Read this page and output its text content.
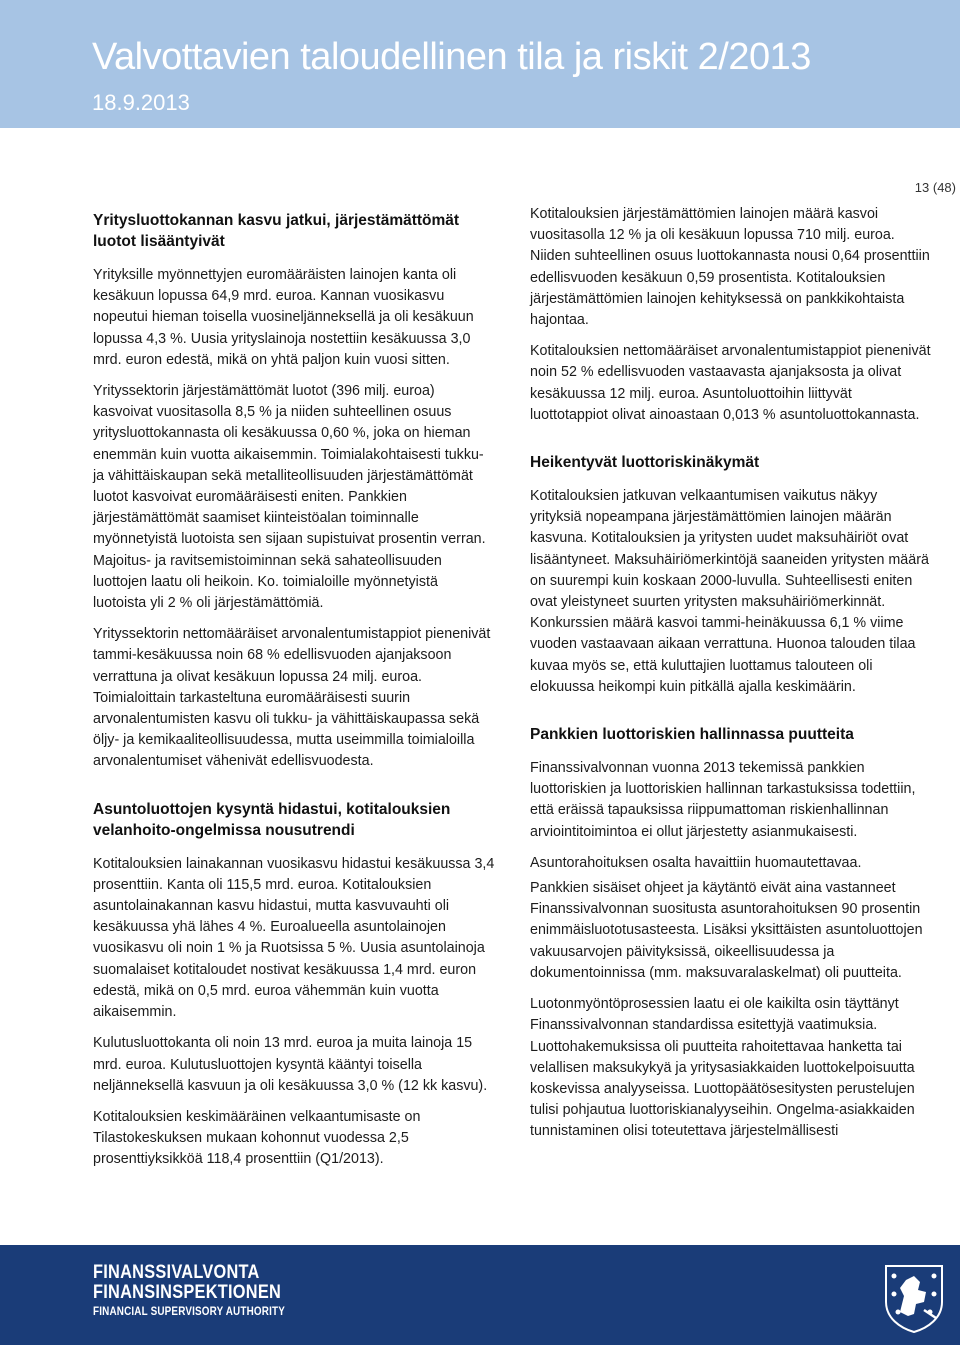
Valvottavien taloudellinen tila ja riskit 2/2013
18.9.2013
13 (48)
Yritysluottokannan kasvu jatkui, järjestämättömät luotot lisääntyivät

Yrityksille myönnettyjen euromääräisten lainojen kanta oli kesäkuun lopussa 64,9 mrd. euroa. Kannan vuosikasvu nopeutui hieman toisella vuosineljänneksellä ja oli kesäkuun lopussa 4,3 %. Uusia yrityslainoja nostettiin kesäkuussa 3,0 mrd. euron edestä, mikä on yhtä paljon kuin vuosi sitten.

Yrityssektorin järjestämättömät luotot (396 milj. euroa) kasvoivat vuositasolla 8,5 % ja niiden suhteellinen osuus yritysluottokannasta oli kesäkuussa 0,60 %, joka on hieman enemmän kuin vuotta aikaisemmin. Toimialakohtaisesti tukku- ja vähittäiskaupan sekä metalliteollisuuden järjestämättömät luotot kasvoivat euromääräisesti eniten. Pankkien järjestämättömät saamiset kiinteistöalan toiminnalle myönnetyistä luotoista sen sijaan supistuivat prosentin verran. Majoitus- ja ravitsemistoiminnan sekä sahateollisuuden luottojen laatu oli heikoin. Ko. toimialoille myönnetyistä luotoista yli 2 % oli järjestämättömiä.

Yrityssektorin nettomääräiset arvonalentumistappiot pienenivät tammi-kesäkuussa noin 68 % edellisvuoden ajanjaksoon verrattuna ja olivat kesäkuun lopussa 24 milj. euroa. Toimialoittain tarkasteltuna euromääräisesti suurin arvonalentumisten kasvu oli tukku- ja vähittäiskaupassa sekä öljy- ja kemikaaliteollisuudessa, mutta useimmilla toimialoilla arvonalentumiset vähenivät edellisvuodesta.

Asuntoluottojen kysyntä hidastui, kotitalouksien velanhoito-ongelmissa nousutrendi

Kotitalouksien lainakannan vuosikasvu hidastui kesäkuussa 3,4 prosenttiin. Kanta oli 115,5 mrd. euroa. Kotitalouksien asuntolainakannan kasvu hidastui, mutta kasvuvauhti oli kesäkuussa yhä lähes 4 %. Euroalueella asuntolainojen vuosikasvu oli noin 1 % ja Ruotsissa 5 %. Uusia asuntolainoja suomalaiset kotitaloudet nostivat kesäkuussa 1,4 mrd. euron edestä, mikä on 0,5 mrd. euroa vähemmän kuin vuotta aikaisemmin.

Kulutusluottokanta oli noin 13 mrd. euroa ja muita lainoja 15 mrd. euroa. Kulutusluottojen kysyntä kääntyi toisella neljänneksellä kasvuun ja oli kesäkuussa 3,0 % (12 kk kasvu).

Kotitalouksien keskimääräinen velkaantumisaste on Tilastokeskuksen mukaan kohonnut vuodessa 2,5 prosenttiyksikköä 118,4 prosenttiin (Q1/2013).

Kotitalouksien järjestämättömien lainojen määrä kasvoi vuositasolla 12 % ja oli kesäkuun lopussa 710 milj. euroa. Niiden suhteellinen osuus luottokannasta nousi 0,64 prosenttiin edellisvuoden kesäkuun 0,59 prosentista. Kotitalouksien järjestämättömien lainojen kehityksessä on pankkikohtaista hajontaa.

Kotitalouksien nettomääräiset arvonalentumistappiot pienenivät noin 52 % edellisvuoden vastaavasta ajanjaksosta ja olivat kesäkuussa 12 milj. euroa. Asuntoluottoihin liittyvät luottotappiot olivat ainoastaan 0,013 % asuntoluottokannasta.

Heikentyvät luottoriskinäkymät

Kotitalouksien jatkuvan velkaantumisen vaikutus näkyy yrityksiä nopeampana järjestämättömien lainojen määrän kasvuna. Kotitalouksien ja yritysten uudet maksuhäiriöt ovat lisääntyneet. Maksuhäiriömerkintöjä saaneiden yritysten määrä on suurempi kuin koskaan 2000-luvulla. Suhteellisesti eniten ovat yleistyneet suurten yritysten maksuhäiriömerkinnät. Konkurssien määrä kasvoi tammi-heinäkuussa 6,1 % viime vuoden vastaavaan aikaan verrattuna. Huonoa talouden tilaa kuvaa myös se, että kuluttajien luottamus talouteen oli elokuussa heikompi kuin pitkällä ajalla keskimäärin.

Pankkien luottoriskien hallinnassa puutteita

Finanssivalvonnan vuonna 2013 tekemissä pankkien luottoriskien ja luottoriskien hallinnan tarkastuksissa todettiin, että eräissä tapauksissa riippumattoman riskienhallinnan arviointitoimintoa ei ollut järjestetty asianmukaisesti.

Asuntorahoituksen osalta havaittiin huomautettavaa.

Pankkien sisäiset ohjeet ja käytäntö eivät aina vastanneet Finanssivalvonnan suositusta asuntorahoituksen 90 prosentin enimmäisluototusasteesta. Lisäksi yksittäisten asuntoluottojen vakuusarvojen päivityksissä, oikeellisuudessa ja dokumentoinnissa (mm. maksuvaralaskelmat) oli puutteita.

Luotonmyöntöprosessien laatu ei ole kaikilta osin täyttänyt Finanssivalvonnan standardissa esitettyjä vaatimuksia. Luottohakemuksissa oli puutteita rahoitettavaa hanketta tai velallisen maksukykyä ja yritysasiakkaiden luottokelpoisuutta koskevissa analyyseissa. Luottopäätösesitysten perustelujen tulisi pohjautua luottoriskianalyyseihin. Ongelma-asiakkaiden tunnistaminen olisi toteutettava järjestelmällisesti

FINANSSIVALVONTA
FINANSINSPEKTIONEN
FINANCIAL SUPERVISORY AUTHORITY
